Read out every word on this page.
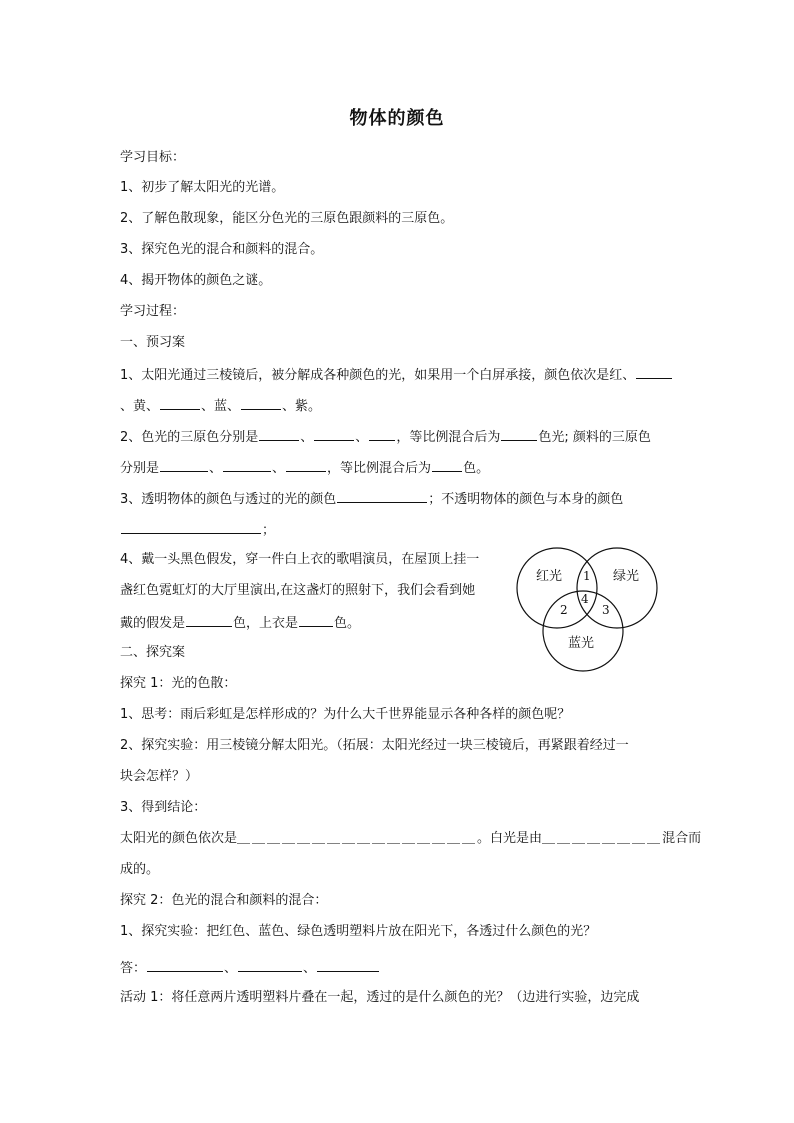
物体的颜色
学习目标：
1、初步了解太阳光的光谱。
2、了解色散现象，能区分色光的三原色跟颜料的三原色。
3、探究色光的混合和颜料的混合。
4、揭开物体的颜色之谜。
学习过程：
一、预习案
1、太阳光通过三棱镜后，被分解成各种颜色的光，如果用一个白屏承接，颜色依次是红、
、黄、	、蓝、	、紫。
2、色光的三原色分别是	、	、 ，等比例混合后为	色光; 颜料的三原色
分别是	、	、	，等比例混合后为 色。
3、透明物体的颜色与透过的光的颜色	；不透明物体的颜色与本身的颜色
；
4、戴一头黑色假发，穿一件白上衣的歌唱演员，在屋顶上挂一
盏红色霓虹灯的大厅里演出,在这盏灯的照射下，我们会看到她
戴的假发是	色，上衣是	色。
红光	绿光
蓝光
1
2	3
4
二、探究案
探究 1：光的色散：
1、思考：雨后彩虹是怎样形成的？为什么大千世界能显示各种各样的颜色呢？
2、探究实验：用三棱镜分解太阳光。（拓展：太阳光经过一块三棱镜后，再紧跟着经过一
块会怎样？）
3、得到结论：
太阳光的颜色依次是＿＿＿＿＿＿＿＿＿＿＿＿＿＿＿＿。白光是由＿＿＿＿＿＿＿＿混合而
成的。
探究 2：色光的混合和颜料的混合：
1、探究实验：把红色、蓝色、绿色透明塑料片放在阳光下，各透过什么颜色的光？
答：	、	、
活动 1：将任意两片透明塑料片叠在一起，透过的是什么颜色的光？（边进行实验，边完成
